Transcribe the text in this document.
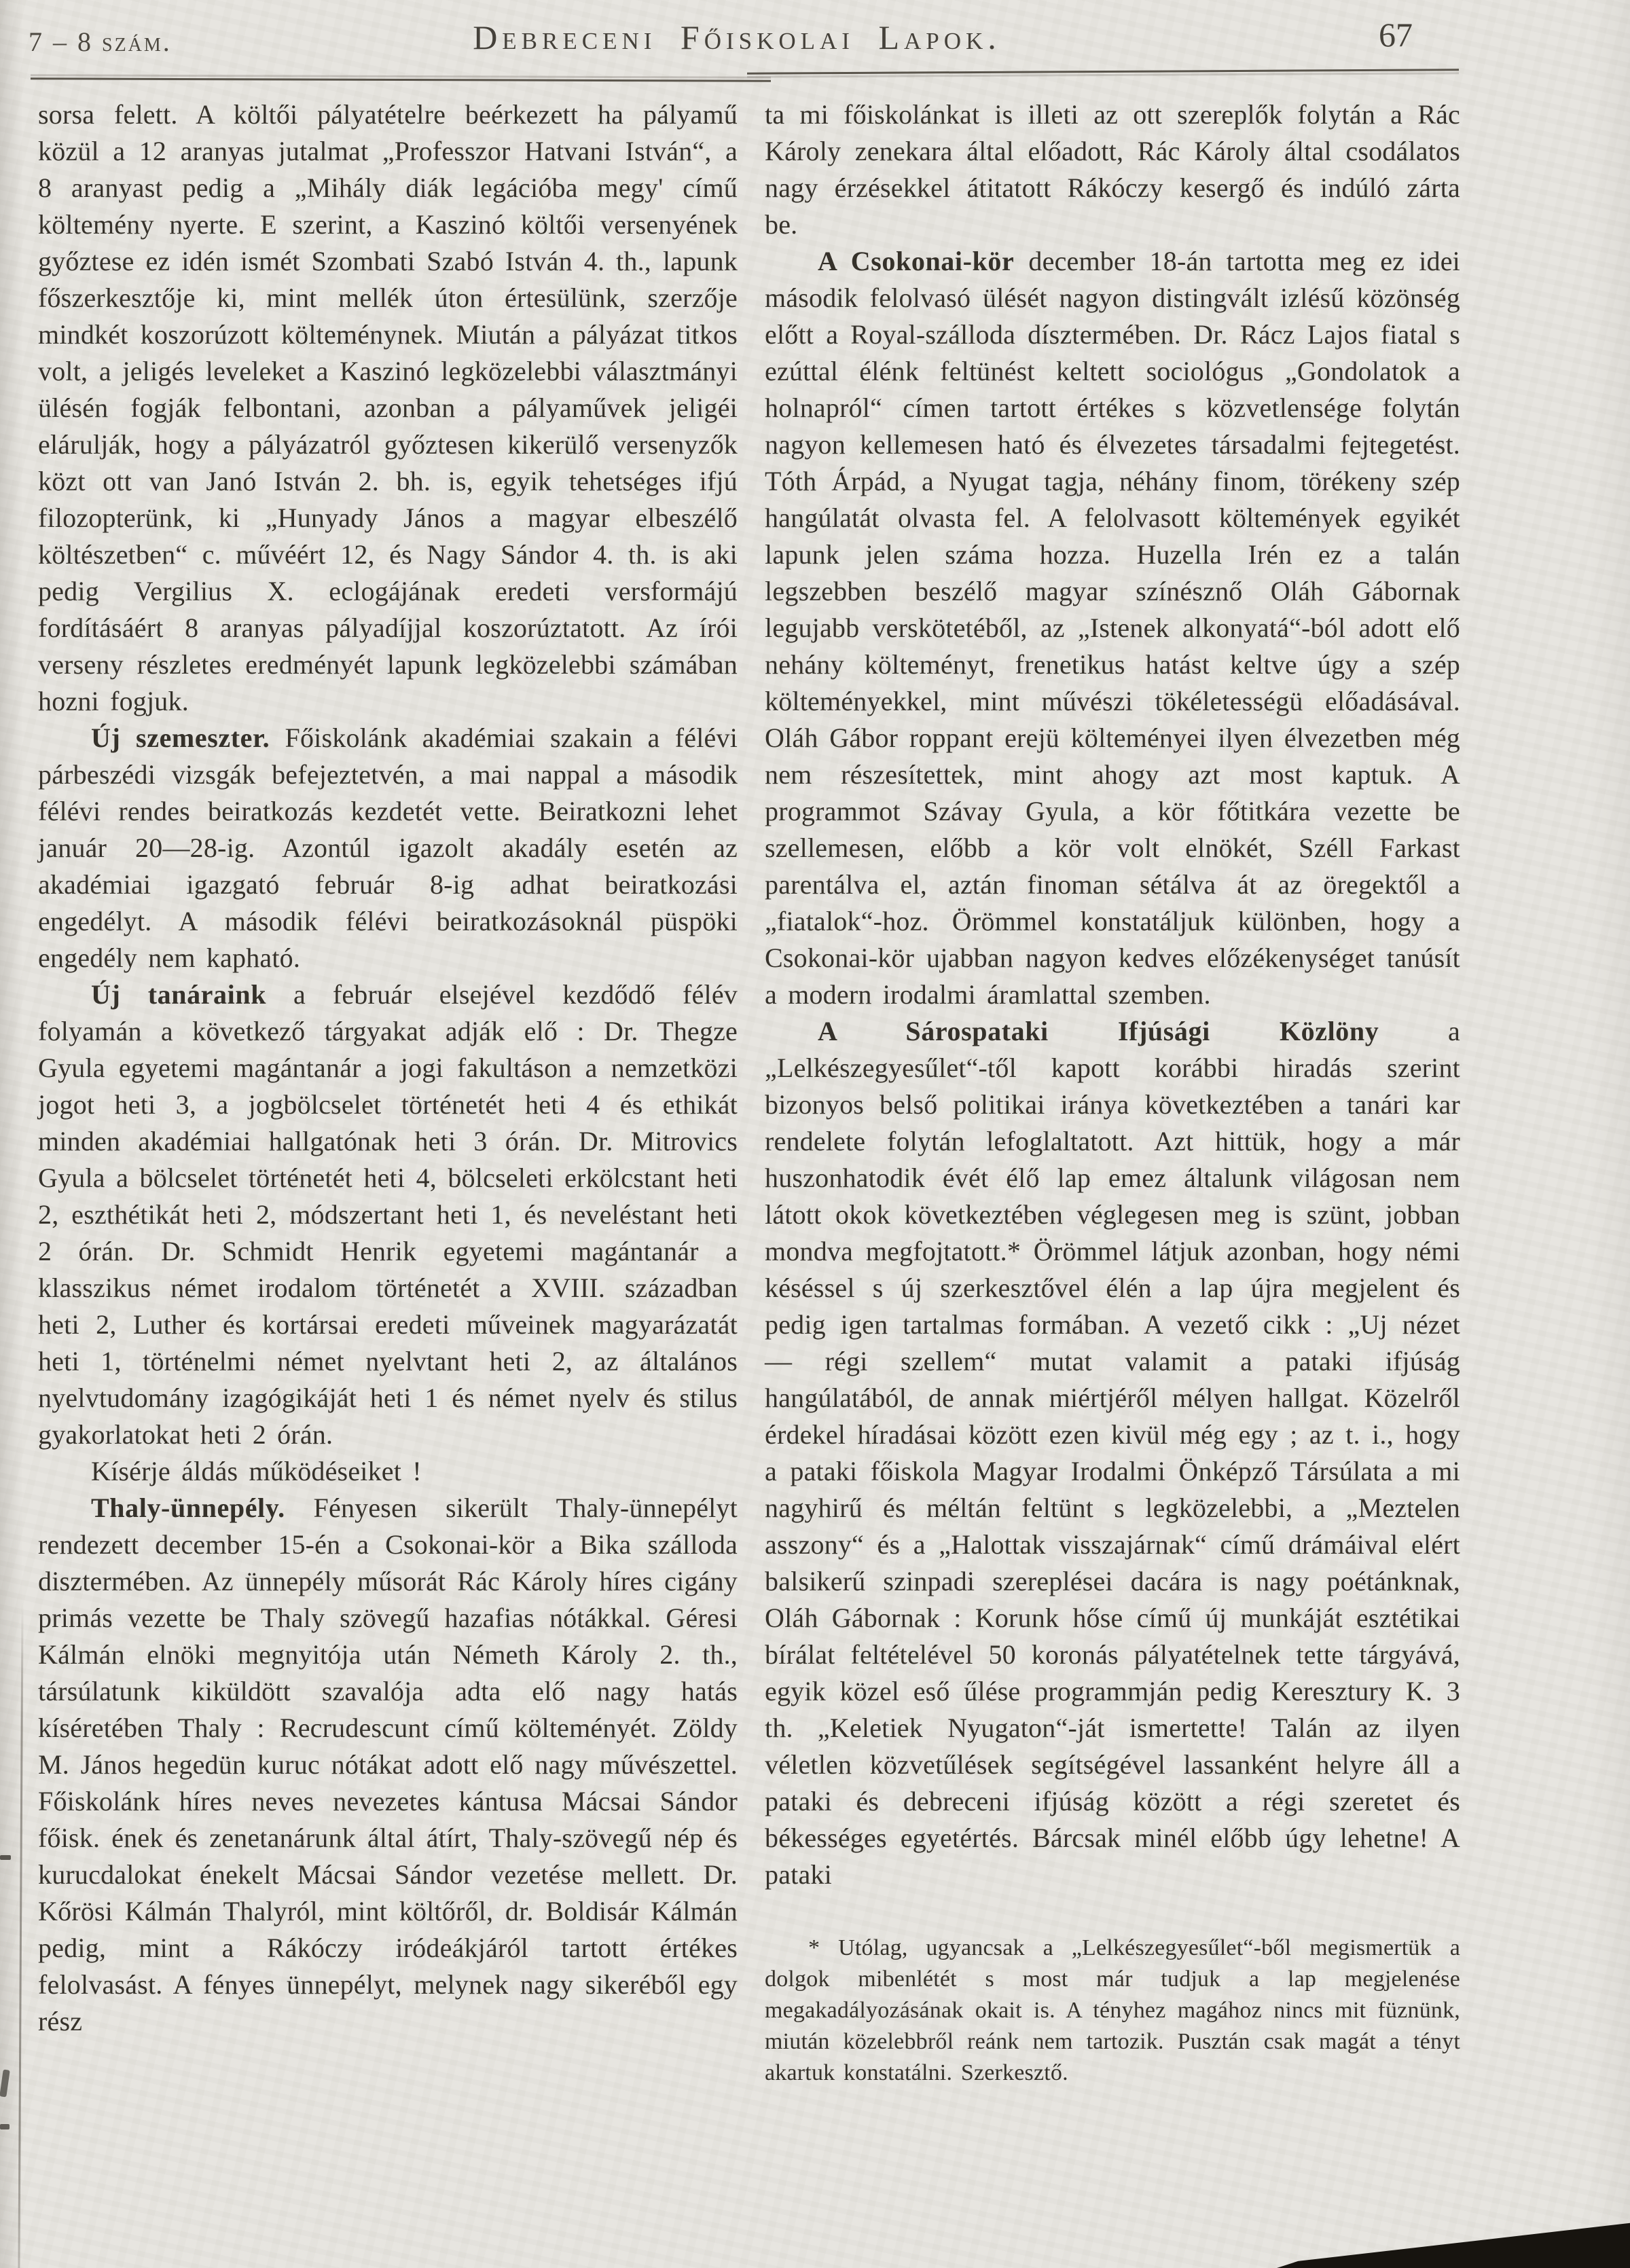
7 – 8 szám.	Debreceni Főiskolai Lapok.	67

sorsa felett. A költői pályatételre beérkezett ha pályamű közül a 12 aranyas jutalmat „Professzor Hatvani István“, a 8 aranyast pedig a „Mihály diák legációba megy' című költemény nyerte. E szerint, a Kaszinó költői versenyének győztese ez idén ismét Szombati Szabó István 4. th., lapunk főszerkesztője ki, mint mellék úton értesülünk, szerzője mindkét koszorúzott költeménynek. Miután a pályázat titkos volt, a jeligés leveleket a Kaszinó legközelebbi választmányi ülésén fogják felbontani, azonban a pályaművek jeligéi elárulják, hogy a pályázatról győztesen kikerülő versenyzők közt ott van Janó István 2. bh. is, egyik tehetséges ifjú filozopterünk, ki „Hunyady János a magyar elbeszélő költészetben“ c. művéért 12, és Nagy Sándor 4. th. is aki pedig Vergilius X. eclogájának eredeti versformájú fordításáért 8 aranyas pályadíjjal koszorúztatott. Az írói verseny részletes eredményét lapunk legközelebbi számában hozni fogjuk.

Új szemeszter. Főiskolánk akadémiai szakain a félévi párbeszédi vizsgák befejeztetvén, a mai nappal a második félévi rendes beiratkozás kezdetét vette. Beiratkozni lehet január 20—28-ig. Azontúl igazolt akadály esetén az akadémiai igazgató február 8-ig adhat beiratkozási engedélyt. A második félévi beiratkozásoknál püspöki engedély nem kapható.

Új tanáraink a február elsejével kezdődő félév folyamán a következő tárgyakat adják elő : Dr. Thegze Gyula egyetemi magántanár a jogi fakultáson a nemzetközi jogot heti 3, a jogbölcselet történetét heti 4 és ethikát minden akadémiai hallgatónak heti 3 órán. Dr. Mitrovics Gyula a bölcselet történetét heti 4, bölcseleti erkölcstant heti 2, eszthétikát heti 2, módszertant heti 1, és neveléstant heti 2 órán. Dr. Schmidt Henrik egyetemi magántanár a klasszikus német irodalom történetét a XVIII. században heti 2, Luther és kortársai eredeti műveinek magyarázatát heti 1, történelmi német nyelvtant heti 2, az általános nyelvtudomány izagógikáját heti 1 és német nyelv és stilus gyakorlatokat heti 2 órán.

Kísérje áldás működéseiket !

Thaly-ünnepély. Fényesen sikerült Thaly-ünnepélyt rendezett december 15-én a Csokonai-kör a Bika szálloda disztermében. Az ünnepély műsorát Rác Károly híres cigány primás vezette be Thaly szövegű hazafias nótákkal. Géresi Kálmán elnöki megnyitója után Németh Károly 2. th., társúlatunk kiküldött szavalója adta elő nagy hatás kíséretében Thaly : Recrudescunt című költeményét. Zöldy M. János hegedün kuruc nótákat adott elő nagy művészettel. Főiskolánk híres neves nevezetes kántusa Mácsai Sándor főisk. ének és zenetanárunk által átírt, Thaly-szövegű nép és kurucdalokat énekelt Mácsai Sándor vezetése mellett. Dr. Kőrösi Kálmán Thalyról, mint költőről, dr. Boldisár Kálmán pedig, mint a Rákóczy iródeákjáról tartott értékes felolvasást. A fényes ünnepélyt, melynek nagy sikeréből egy rész

ta mi főiskolánkat is illeti az ott szereplők folytán a Rác Károly zenekara által előadott, Rác Károly által csodálatos nagy érzésekkel átitatott Rákóczy kesergő és indúló zárta be.

A Csokonai-kör december 18-án tartotta meg ez idei második felolvasó ülését nagyon distingvált izlésű közönség előtt a Royal-szálloda dísztermében. Dr. Rácz Lajos fiatal s ezúttal élénk feltünést keltett sociológus „Gondolatok a holnapról“ címen tartott értékes s közvetlensége folytán nagyon kellemesen ható és élvezetes társadalmi fejtegetést. Tóth Árpád, a Nyugat tagja, néhány finom, törékeny szép hangúlatát olvasta fel. A felolvasott költemények egyikét lapunk jelen száma hozza. Huzella Irén ez a talán legszebben beszélő magyar színésznő Oláh Gábornak legujabb verskötetéből, az „Istenek alkonyatá“-ból adott elő nehány költeményt, frenetikus hatást keltve úgy a szép költeményekkel, mint művészi tökéletességü előadásával. Oláh Gábor roppant erejü költeményei ilyen élvezetben még nem részesítettek, mint ahogy azt most kaptuk. A programmot Szávay Gyula, a kör főtitkára vezette be szellemesen, előbb a kör volt elnökét, Széll Farkast parentálva el, aztán finoman sétálva át az öregektől a „fiatalok“-hoz. Örömmel konstatáljuk különben, hogy a Csokonai-kör ujabban nagyon kedves előzékenységet tanúsít a modern irodalmi áramlattal szemben.

A Sárospataki Ifjúsági Közlöny a „Lelkészegyesűlet“-től kapott korábbi hiradás szerint bizonyos belső politikai iránya következtében a tanári kar rendelete folytán lefoglaltatott. Azt hittük, hogy a már huszonhatodik évét élő lap emez általunk világosan nem látott okok következtében véglegesen meg is szünt, jobban mondva megfojtatott.* Örömmel látjuk azonban, hogy némi késéssel s új szerkesztővel élén a lap újra megjelent és pedig igen tartalmas formában. A vezető cikk : „Uj nézet — régi szellem“ mutat valamit a pataki ifjúság hangúlatából, de annak miértjéről mélyen hallgat. Közelről érdekel híradásai között ezen kivül még egy ; az t. i., hogy a pataki főiskola Magyar Irodalmi Önképző Társúlata a mi nagyhirű és méltán feltünt s legközelebbi, a „Meztelen asszony“ és a „Halottak visszajárnak“ című drámáival elért balsikerű szinpadi szereplései dacára is nagy poétánknak, Oláh Gábornak : Korunk hőse című új munkáját esztétikai bírálat feltételével 50 koronás pályatételnek tette tárgyává, egyik közel eső űlése programmján pedig Keresztury K. 3 th. „Keletiek Nyugaton“-ját ismertette! Talán az ilyen véletlen közvetűlések segítségével lassanként helyre áll a pataki és debreceni ifjúság között a régi szeretet és békességes egyetértés. Bárcsak minél előbb úgy lehetne! A pataki

* Utólag, ugyancsak a „Lelkészegyesűlet“-ből megismertük a dolgok mibenlétét s most már tudjuk a lap megjelenése megakadályozásának okait is. A tényhez magához nincs mit füznünk, miután közelebbről reánk nem tartozik. Pusztán csak magát a tényt akartuk konstatálni. Szerkesztő.
